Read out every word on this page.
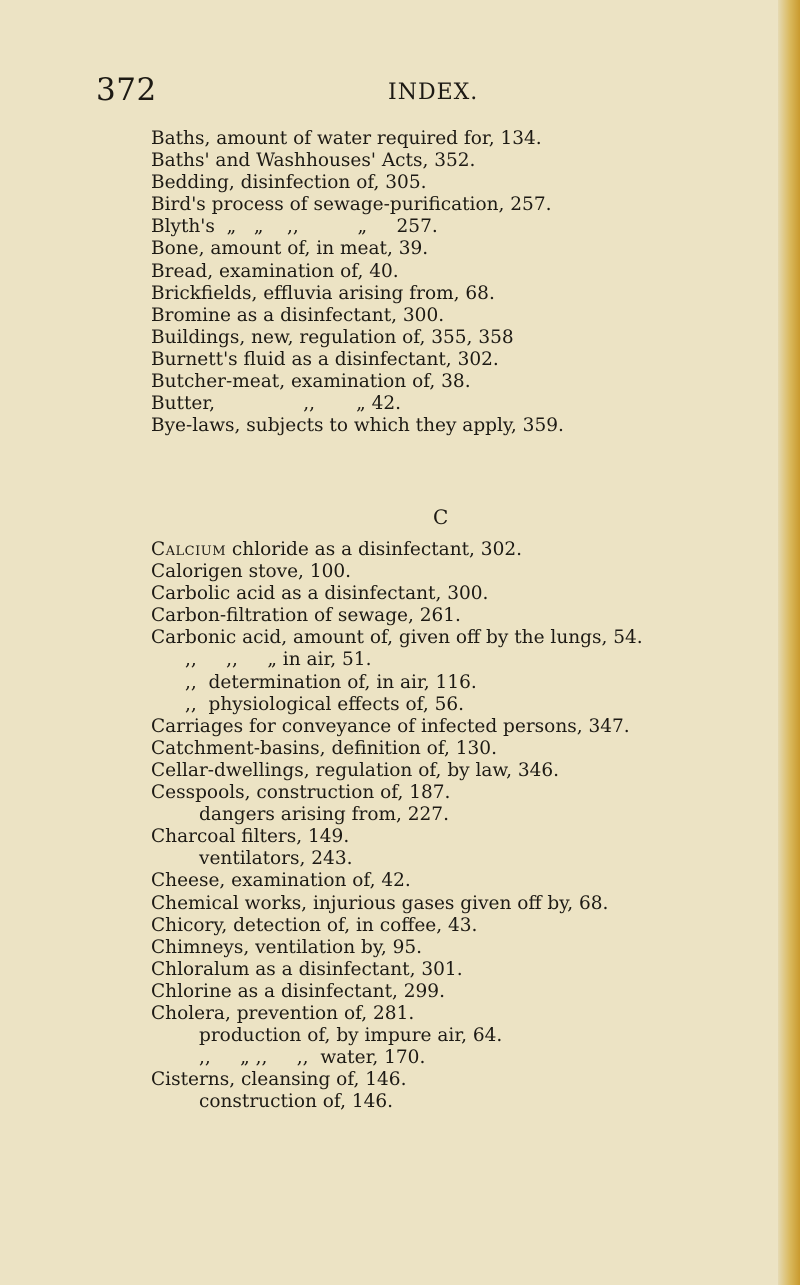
372	INDEX.
Baths, amount of water required for, 134.
Baths' and Washhouses' Acts, 352.
Bedding, disinfection of, 305.
Bird's process of sewage-purification, 257.
Blyth's  „   „    ,,          „     257.
Bone, amount of, in meat, 39.
Bread, examination of, 40.
Brickfields, effluvia arising from, 68.
Bromine as a disinfectant, 300.
Buildings, new, regulation of, 355, 358
Burnett's fluid as a disinfectant, 302.
Butcher-meat, examination of, 38.
Butter,               ,,       „ 42.
Bye-laws, subjects to which they apply, 359.
C
Calcium chloride as a disinfectant, 302.
Calorigen stove, 100.
Carbolic acid as a disinfectant, 300.
Carbon-filtration of sewage, 261.
Carbonic acid, amount of, given off by the lungs, 54.
,,     ,,     „ in air, 51.
,,  determination of, in air, 116.
,,  physiological effects of, 56.
Carriages for conveyance of infected persons, 347.
Catchment-basins, definition of, 130.
Cellar-dwellings, regulation of, by law, 346.
Cesspools, construction of, 187.
dangers arising from, 227.
Charcoal filters, 149.
ventilators, 243.
Cheese, examination of, 42.
Chemical works, injurious gases given off by, 68.
Chicory, detection of, in coffee, 43.
Chimneys, ventilation by, 95.
Chloralum as a disinfectant, 301.
Chlorine as a disinfectant, 299.
Cholera, prevention of, 281.
production of, by impure air, 64.
,,     „ ,,     ,,  water, 170.
Cisterns, cleansing of, 146.
construction of, 146.
